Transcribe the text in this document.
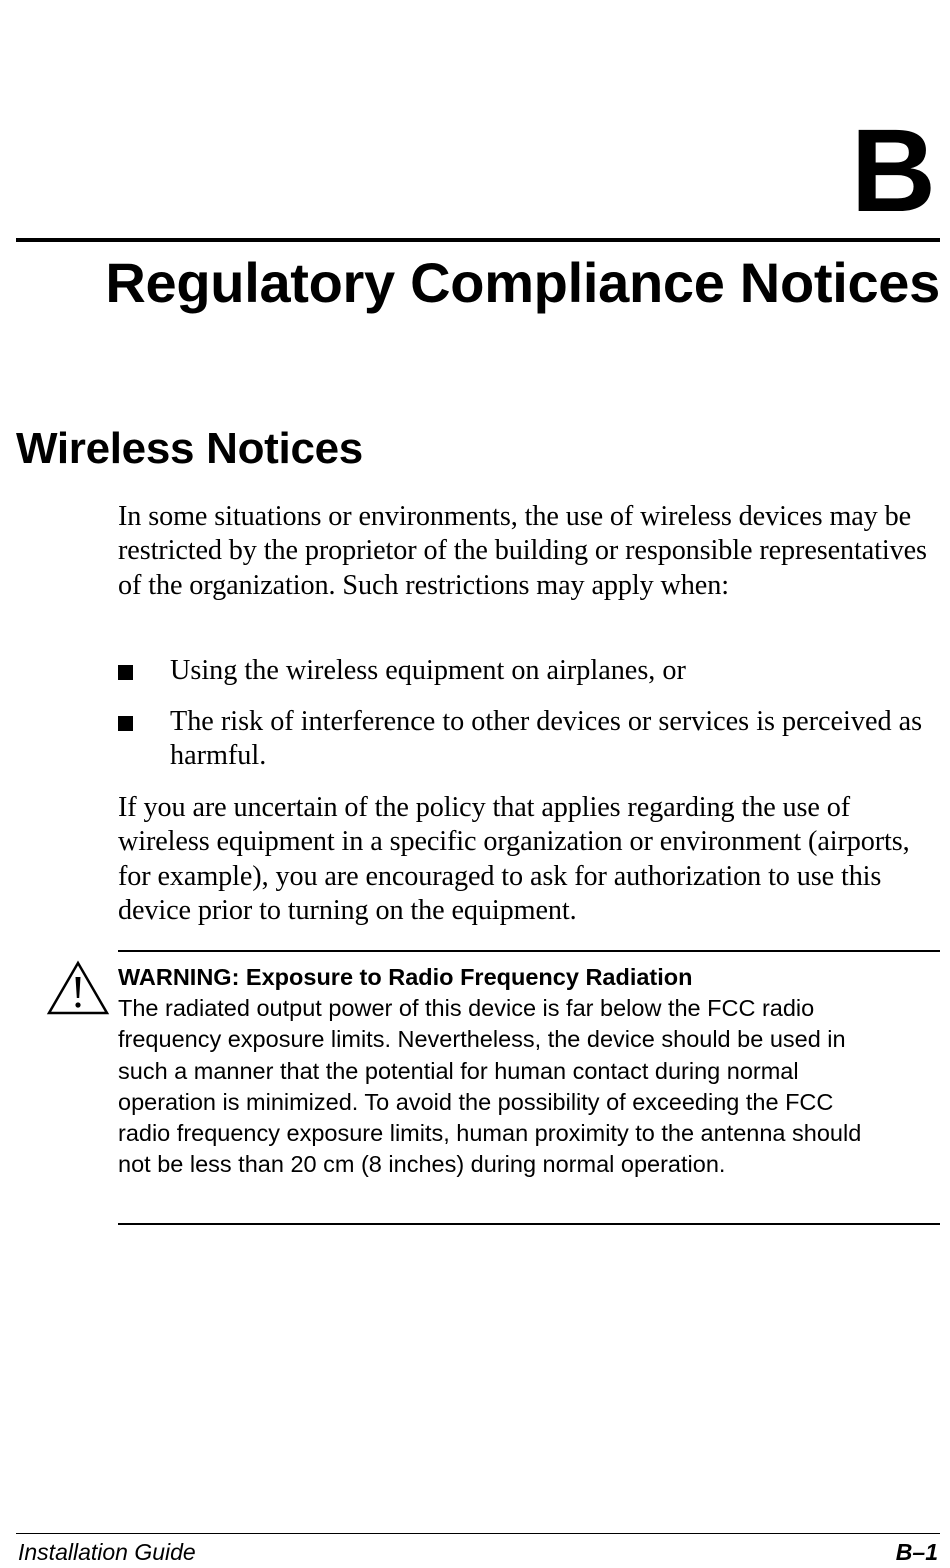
B
Regulatory Compliance Notices
Wireless Notices

In some situations or environments, the use of wireless devices may be restricted by the proprietor of the building or responsible representatives of the organization. Such restrictions may apply when:

Using the wireless equipment on airplanes, or
The risk of interference to other devices or services is perceived as harmful.

If you are uncertain of the policy that applies regarding the use of wireless equipment in a specific organization or environment (airports, for example), you are encouraged to ask for authorization to use this device prior to turning on the equipment.

WARNING: Exposure to Radio Frequency Radiation

The radiated output power of this device is far below the FCC radio frequency exposure limits. Nevertheless, the device should be used in such a manner that the potential for human contact during normal operation is minimized. To avoid the possibility of exceeding the FCC radio frequency exposure limits, human proximity to the antenna should not be less than 20 cm (8 inches) during normal operation.

Installation Guide	B–1
